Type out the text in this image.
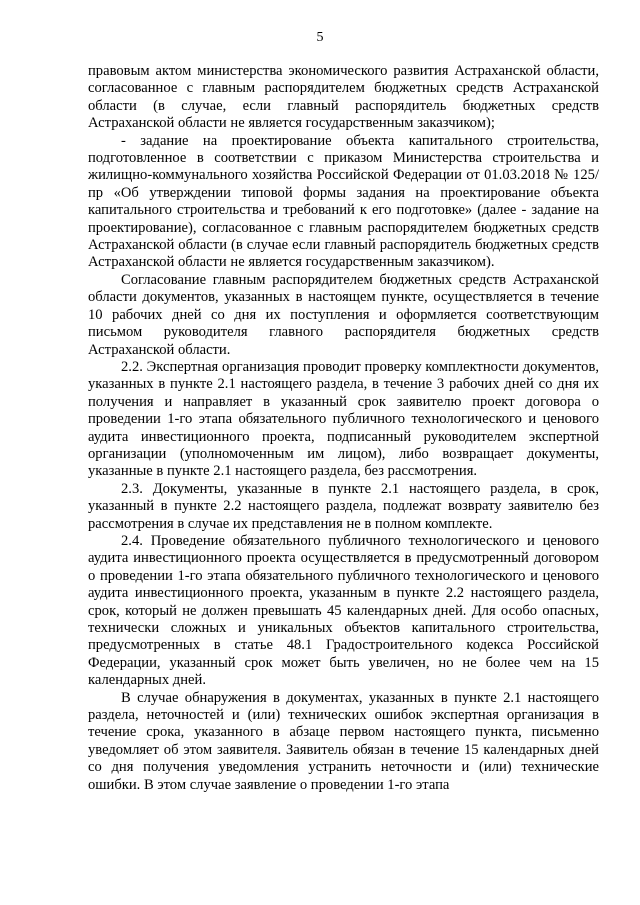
5

правовым актом министерства экономического развития Астраханской области, согласованное с главным распорядителем бюджетных средств Астраханской области (в случае, если главный распорядитель бюджетных средств Астраханской области не является государственным заказчиком);

- задание на проектирование объекта капитального строительства, подготовленное в соответствии с приказом Министерства строительства и жилищно-коммунального хозяйства Российской Федерации от 01.03.2018 № 125/пр «Об утверждении типовой формы задания на проектирование объекта капитального строительства и требований к его подготовке» (далее - задание на проектирование), согласованное с главным распорядителем бюджетных средств Астраханской области (в случае если главный распорядитель бюджетных средств Астраханской области не является государственным заказчиком).

Согласование главным распорядителем бюджетных средств Астраханской области документов, указанных в настоящем пункте, осуществляется в течение 10 рабочих дней со дня их поступления и оформляется соответствующим письмом руководителя главного распорядителя бюджетных средств Астраханской области.

2.2. Экспертная организация проводит проверку комплектности документов, указанных в пункте 2.1 настоящего раздела, в течение 3 рабочих дней со дня их получения и направляет в указанный срок заявителю проект договора о проведении 1-го этапа обязательного публичного технологического и ценового аудита инвестиционного проекта, подписанный руководителем экспертной организации (уполномоченным им лицом), либо возвращает документы, указанные в пункте 2.1 настоящего раздела, без рассмотрения.

2.3. Документы, указанные в пункте 2.1 настоящего раздела, в срок, указанный в пункте 2.2 настоящего раздела, подлежат возврату заявителю без рассмотрения в случае их представления не в полном комплекте.

2.4. Проведение обязательного публичного технологического и ценового аудита инвестиционного проекта осуществляется в предусмотренный договором о проведении 1-го этапа обязательного публичного технологического и ценового аудита инвестиционного проекта, указанным в пункте 2.2 настоящего раздела, срок, который не должен превышать 45 календарных дней. Для особо опасных, технически сложных и уникальных объектов капитального строительства, предусмотренных в статье 48.1 Градостроительного кодекса Российской Федерации, указанный срок может быть увеличен, но не более чем на 15 календарных дней.

В случае обнаружения в документах, указанных в пункте 2.1 настоящего раздела, неточностей и (или) технических ошибок экспертная организация в течение срока, указанного в абзаце первом настоящего пункта, письменно уведомляет об этом заявителя. Заявитель обязан в течение 15 календарных дней со дня получения уведомления устранить неточности и (или) технические ошибки. В этом случае заявление о проведении 1-го этапа
